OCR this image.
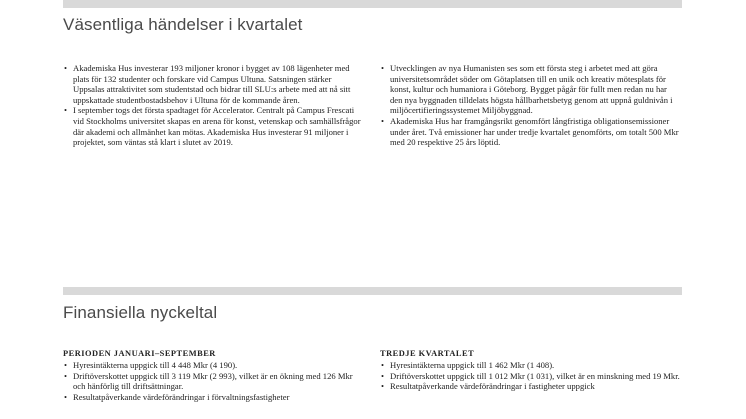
Väsentliga händelser i kvartalet
• Akademiska Hus investerar 193 miljoner kronor i bygget av 108 lägenheter med plats för 132 studenter och forskare vid Campus Ultuna. Satsningen stärker Uppsalas attraktivitet som studentstad och bidrar till SLU:s arbete med att nå sitt uppskattade studentbostadsbehov i Ultuna för de kommande åren.
• I september togs det första spadtaget för Accelerator. Centralt på Campus Frescati vid Stockholms universitet skapas en arena för konst, vetenskap och samhällsfrågor där akademi och allmänhet kan mötas. Akademiska Hus investerar 91 miljoner i projektet, som väntas stå klart i slutet av 2019.
• Utvecklingen av nya Humanisten ses som ett första steg i arbetet med att göra universitetsområdet söder om Götaplatsen till en unik och kreativ mötesplats för konst, kultur och humaniora i Göteborg. Bygget pågår för fullt men redan nu har den nya byggnaden tilldelats högsta hållbarhetsbetyg genom att uppnå guldnivån i miljöcertifieringssystemet Miljöbyggnad.
• Akademiska Hus har framgångsrikt genomfört långfristiga obligationsemissioner under året. Två emissioner har under tredje kvartalet genomförts, om totalt 500 Mkr med 20 respektive 25 års löptid.
Finansiella nyckeltal

PERIODEN JANUARI–SEPTEMBER

• Hyresintäkterna uppgick till 4 448 Mkr (4 190).
• Driftöverskottet uppgick till 3 119 Mkr (2 993), vilket är en ökning med 126 Mkr och hänförlig till driftsättningar.
• Resultatpåverkande värdeförändringar i förvaltningsfastigheter

TREDJE KVARTALET

• Hyresintäkterna uppgick till 1 462 Mkr (1 408).
• Driftöverskottet uppgick till 1 012 Mkr (1 031), vilket är en minskning med 19 Mkr.
• Resultatpåverkande värdeförändringar i fastigheter uppgick
